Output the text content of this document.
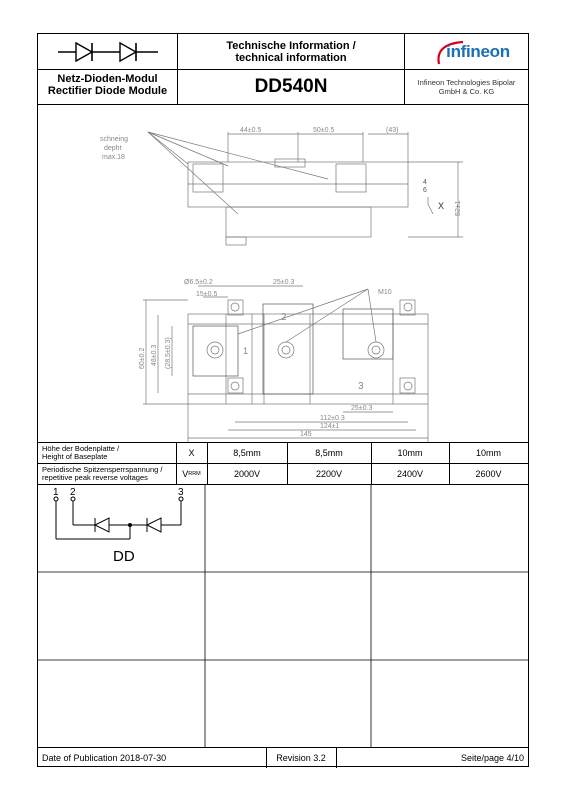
Netz-Dioden-Modul
Rectifier Diode Module
Technische Information /
technical information
DD540N
infineon
Infineon Technologies Bipolar
GmbH & Co. KG
schneing
depht
max.18
44±0.5	50±0.5	(43)
52±1
X
6
4
Ø6.5±0.2	25±0.3
M10
15±0.5
60±0.2 48±0.3 (28.5±0.3)
25±0.3
112±0.3
124±1
145
1
2
3
Höhe der Bodenplatte /
Height of Baseplate	X	8,5mm	8,5mm	10mm	10mm
Periodische Spitzensperrspannung /
repetitive peak reverse voltages	V RRM	2000V	2200V	2400V	2600V
1 2	3
DD
Date of Publication 2018-07-30	Revision 3.2	Seite/page 4/10
